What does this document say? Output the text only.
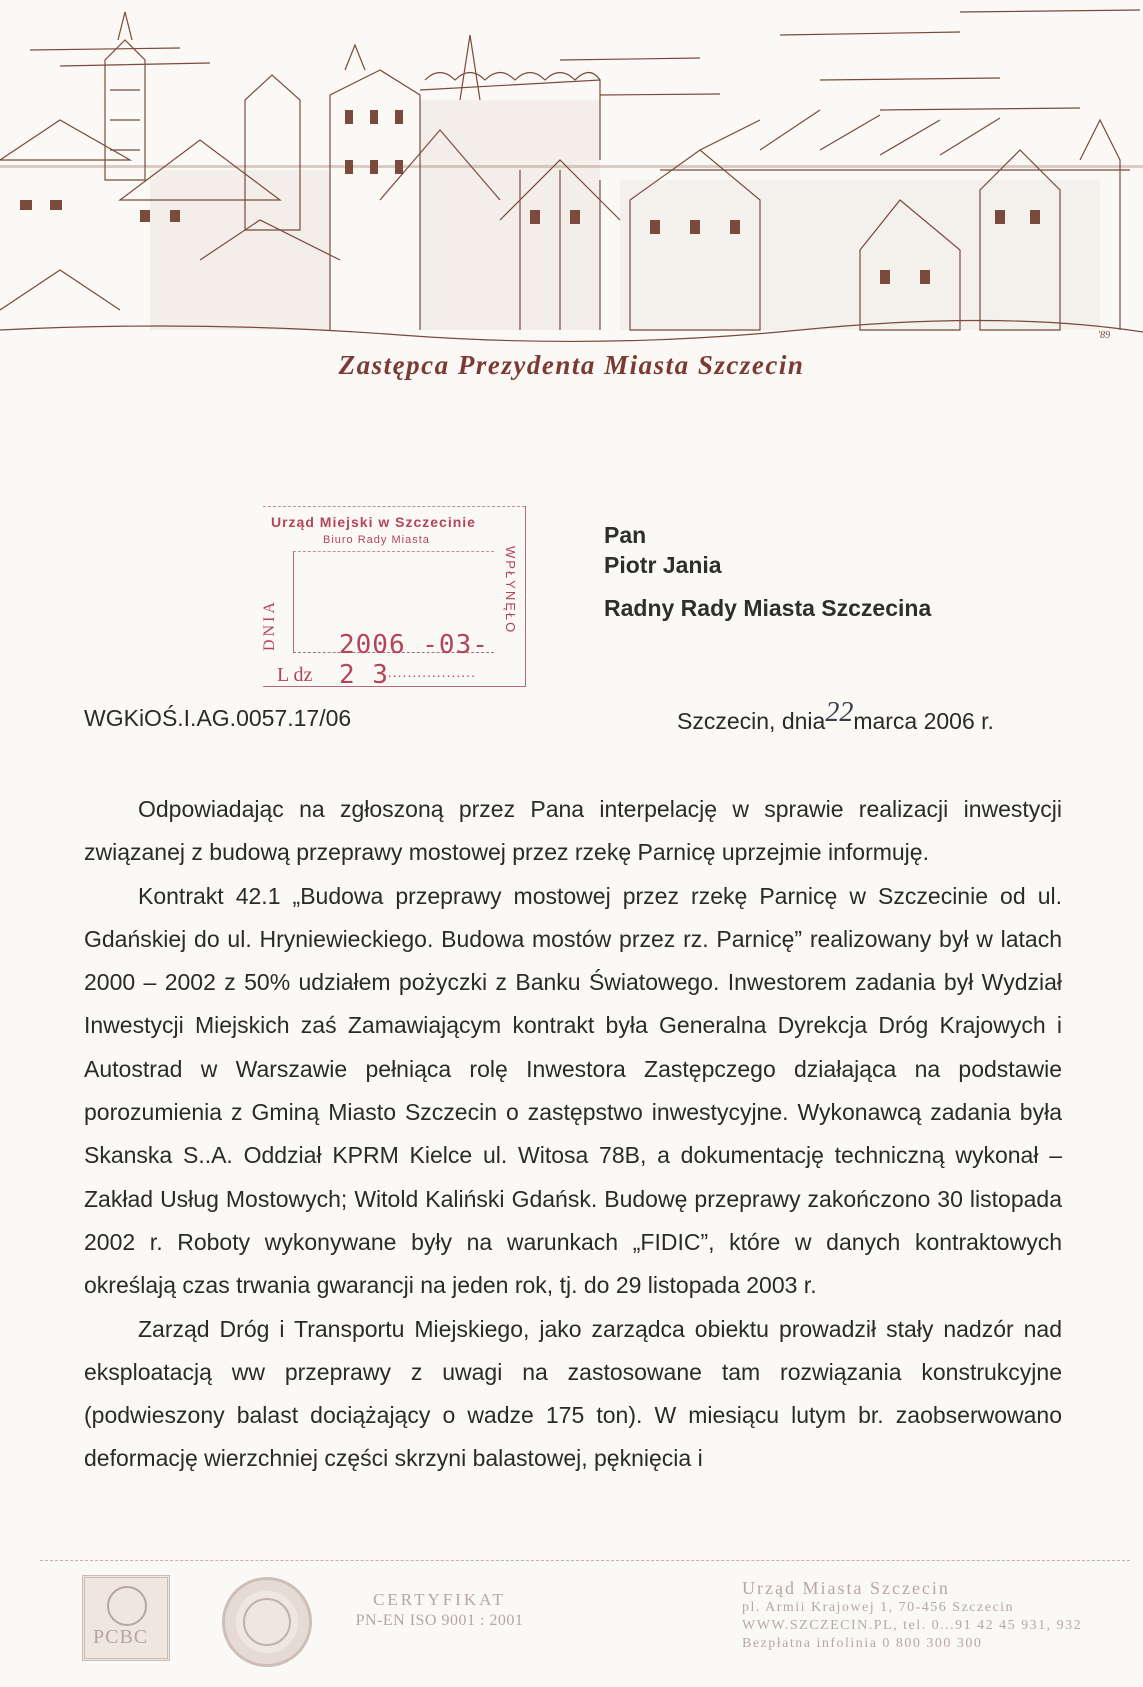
'89
Zastępca Prezydenta Miasta Szczecin
Urząd Miejski w Szczecinie
Biuro Rady Miasta
2006 -03- 2 3
DNIA	WPŁYNĘŁO
L dz	...................
Pan
Piotr Jania
Radny Rady Miasta Szczecina
WGKiOŚ.I.AG.0057.17/06	Szczecin, dnia22marca 2006 r.

Odpowiadając na zgłoszoną przez Pana interpelację w sprawie realizacji inwestycji związanej z budową przeprawy mostowej przez rzekę Parnicę uprzejmie informuję.

Kontrakt 42.1 „Budowa przeprawy mostowej przez rzekę Parnicę w Szczecinie od ul. Gdańskiej do ul. Hryniewieckiego. Budowa mostów przez rz. Parnicę” realizowany był w latach 2000 – 2002 z 50% udziałem pożyczki z Banku Światowego. Inwestorem zadania był Wydział Inwestycji Miejskich zaś Zamawiającym kontrakt była Generalna Dyrekcja Dróg Krajowych i Autostrad w Warszawie pełniąca rolę Inwestora Zastępczego działająca na podstawie porozumienia z Gminą Miasto Szczecin o zastępstwo inwestycyjne. Wykonawcą zadania była Skanska S..A. Oddział KPRM Kielce ul. Witosa 78B, a dokumentację techniczną wykonał – Zakład Usług Mostowych; Witold Kaliński Gdańsk. Budowę przeprawy zakończono 30 listopada 2002 r. Roboty wykonywane były na warunkach „FIDIC”, które w danych kontraktowych określają czas trwania gwarancji na jeden rok, tj. do 29 listopada 2003 r.

Zarząd Dróg i Transportu Miejskiego, jako zarządca obiektu prowadził stały nadzór nad eksploatacją ww przeprawy z uwagi na zastosowane tam rozwiązania konstrukcyjne (podwieszony balast dociążający o wadze 175 ton). W miesiącu lutym br. zaobserwowano deformację wierzchniej części skrzyni balastowej, pęknięcia i

PCBC
CERTYFIKAT
PN-EN ISO 9001 : 2001
Urząd Miasta Szczecin
pl. Armii Krajowej 1, 70-456 Szczecin
WWW.SZCZECIN.PL, tel. 0...91 42 45 931, 932
Bezpłatna infolinia 0 800 300 300
